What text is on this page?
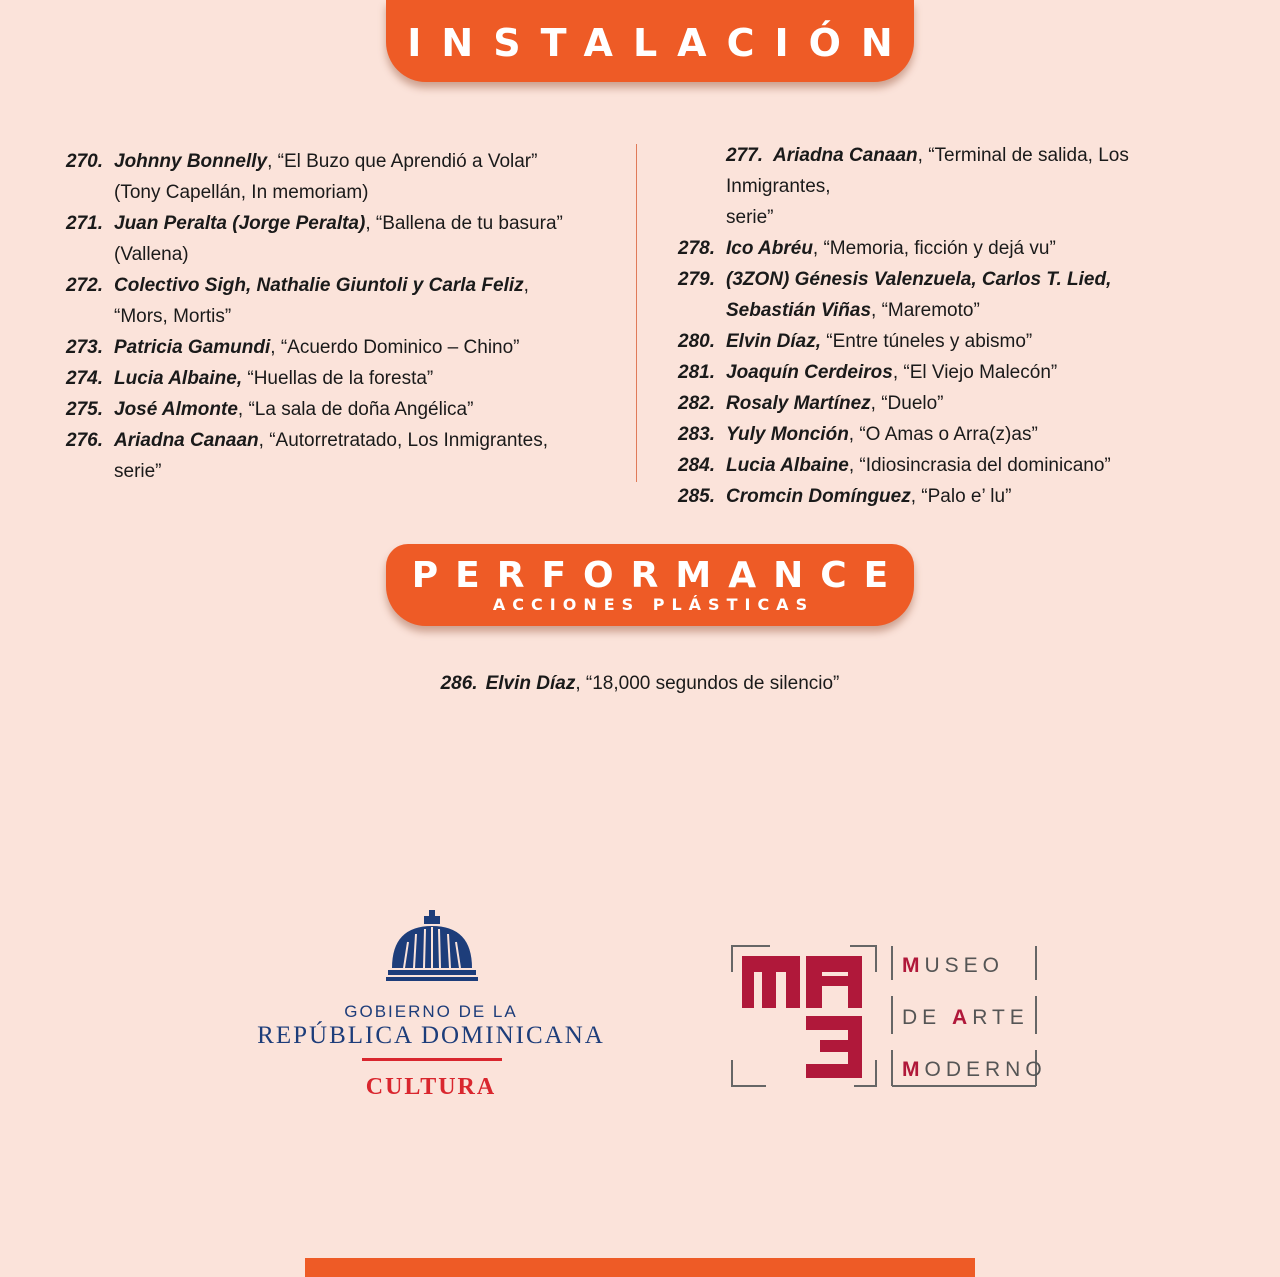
INSTALACIÓN
270. Johnny Bonnelly, “El Buzo que Aprendió a Volar”
(Tony Capellán, In memoriam)
271. Juan Peralta (Jorge Peralta), “Ballena de tu basura”
(Vallena)
272. Colectivo Sigh, Nathalie Giuntoli y Carla Feliz,
“Mors, Mortis”
273. Patricia Gamundi, “Acuerdo Dominico – Chino”
274. Lucia Albaine, “Huellas de la foresta”
275. José Almonte, “La sala de doña Angélica”
276. Ariadna Canaan, “Autorretratado, Los Inmigrantes,
serie”
277. Ariadna Canaan, “Terminal de salida, Los Inmigrantes,
serie”
278. Ico Abréu, “Memoria, ficción y dejá vu”
279. (3ZON) Génesis Valenzuela, Carlos T. Lied,
Sebastián Viñas, “Maremoto”
280. Elvin Díaz, “Entre túneles y abismo”
281. Joaquín Cerdeiros, “El Viejo Malecón”
282. Rosaly Martínez, “Duelo”
283. Yuly Monción, “O Amas o Arra(z)as”
284. Lucia Albaine, “Idiosincrasia del dominicano”
285. Cromcin Domínguez, “Palo e’ lu”
PERFORMANCE
ACCIONES PLÁSTICAS
286. Elvin Díaz, “18,000 segundos de silencio”
GOBIERNO DE LA
REPÚBLICA DOMINICANA
CULTURA
MUSEO
DE ARTE
MODERNO
